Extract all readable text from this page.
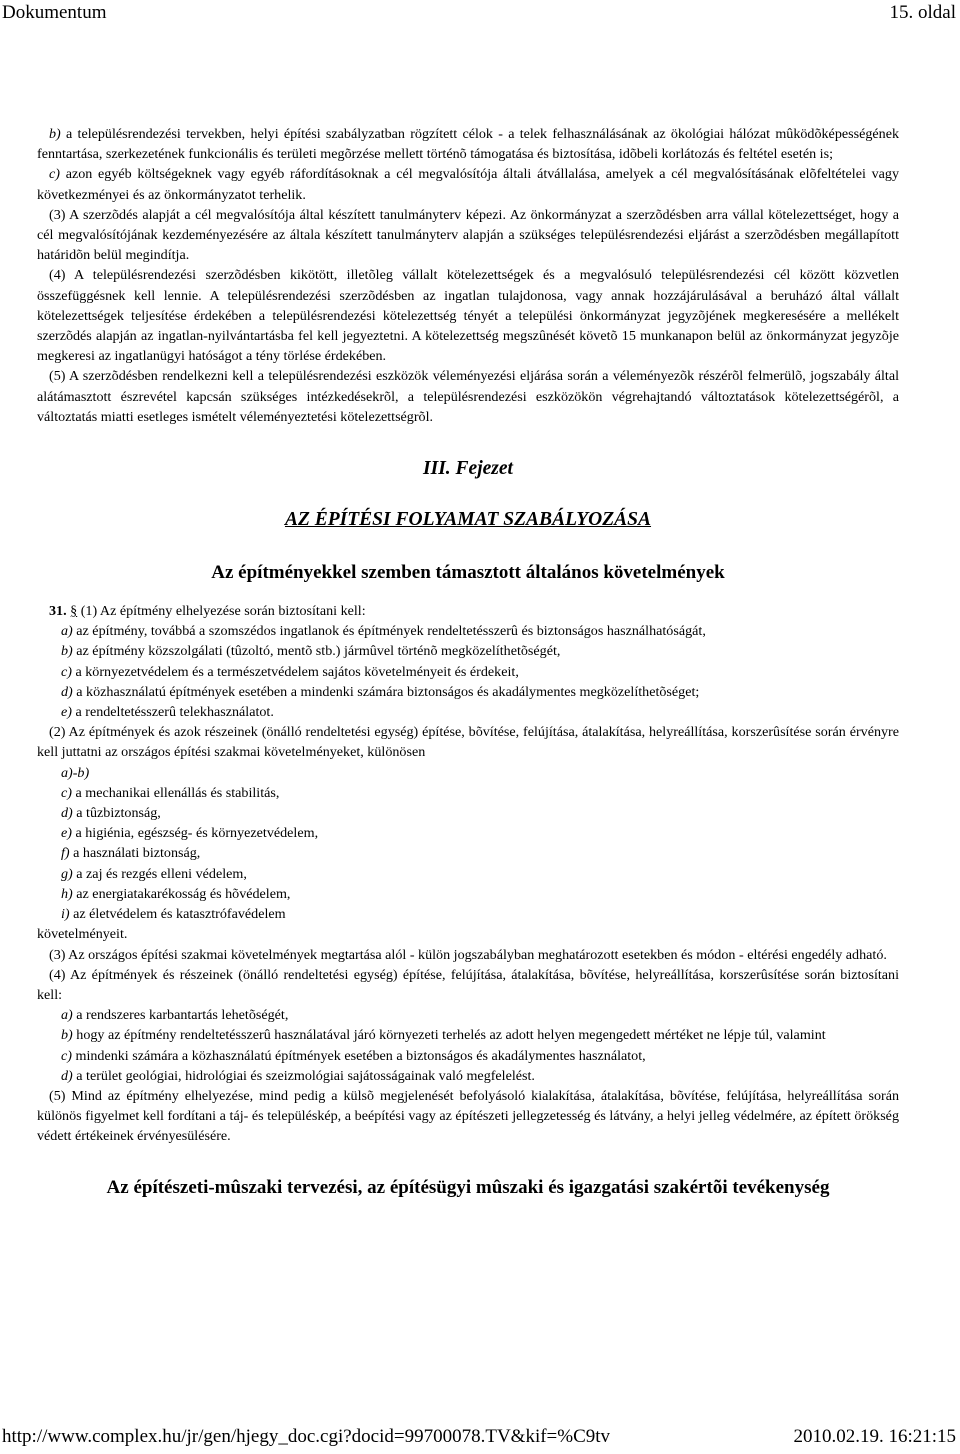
Dokumentum	15. oldal

b) a településrendezési tervekben, helyi építési szabályzatban rögzített célok - a telek felhasználásának az ökológiai hálózat mûködõképességének fenntartása, szerkezetének funkcionális és területi megõrzése mellett történõ támogatása és biztosítása, idõbeli korlátozás és feltétel esetén is;

c) azon egyéb költségeknek vagy egyéb ráfordításoknak a cél megvalósítója általi átvállalása, amelyek a cél megvalósításának elõfeltételei vagy következményei és az önkormányzatot terhelik.

(3) A szerzõdés alapját a cél megvalósítója által készített tanulmányterv képezi. Az önkormányzat a szerzõdésben arra vállal kötelezettséget, hogy a cél megvalósítójának kezdeményezésére az általa készített tanulmányterv alapján a szükséges településrendezési eljárást a szerzõdésben megállapított határidõn belül megindítja.

(4) A településrendezési szerzõdésben kikötött, illetõleg vállalt kötelezettségek és a megvalósuló településrendezési cél között közvetlen összefüggésnek kell lennie. A településrendezési szerzõdésben az ingatlan tulajdonosa, vagy annak hozzájárulásával a beruházó által vállalt kötelezettségek teljesítése érdekében a településrendezési kötelezettség tényét a települési önkormányzat jegyzõjének megkeresésére a mellékelt szerzõdés alapján az ingatlan-nyilvántartásba fel kell jegyeztetni. A kötelezettség megszûnését követõ 15 munkanapon belül az önkormányzat jegyzõje megkeresi az ingatlanügyi hatóságot a tény törlése érdekében.

(5) A szerzõdésben rendelkezni kell a településrendezési eszközök véleményezési eljárása során a véleményezõk részérõl felmerülõ, jogszabály által alátámasztott észrevétel kapcsán szükséges intézkedésekrõl, a településrendezési eszközökön végrehajtandó változtatások kötelezettségérõl, a változtatás miatti esetleges ismételt véleményeztetési kötelezettségrõl.

III. Fejezet
AZ ÉPÍTÉSI FOLYAMAT SZABÁLYOZÁSA
Az építményekkel szemben támasztott általános követelmények

31. § (1) Az építmény elhelyezése során biztosítani kell:

a) az építmény, továbbá a szomszédos ingatlanok és építmények rendeltetésszerû és biztonságos használhatóságát,

b) az építmény közszolgálati (tûzoltó, mentõ stb.) jármûvel történõ megközelíthetõségét,

c) a környezetvédelem és a természetvédelem sajátos követelményeit és érdekeit,

d) a közhasználatú építmények esetében a mindenki számára biztonságos és akadálymentes megközelíthetõséget;

e) a rendeltetésszerû telekhasználatot.

(2) Az építmények és azok részeinek (önálló rendeltetési egység) építése, bõvítése, felújítása, átalakítása, helyreállítása, korszerûsítése során érvényre kell juttatni az országos építési szakmai követelményeket, különösen

a)-b)

c) a mechanikai ellenállás és stabilitás,

d) a tûzbiztonság,

e) a higiénia, egészség- és környezetvédelem,

f) a használati biztonság,

g) a zaj és rezgés elleni védelem,

h) az energiatakarékosság és hõvédelem,

i) az életvédelem és katasztrófavédelem

követelményeit.

(3) Az országos építési szakmai követelmények megtartása alól - külön jogszabályban meghatározott esetekben és módon - eltérési engedély adható.

(4) Az építmények és részeinek (önálló rendeltetési egység) építése, felújítása, átalakítása, bõvítése, helyreállítása, korszerûsítése során biztosítani kell:

a) a rendszeres karbantartás lehetõségét,

b) hogy az építmény rendeltetésszerû használatával járó környezeti terhelés az adott helyen megengedett mértéket ne lépje túl, valamint

c) mindenki számára a közhasználatú építmények esetében a biztonságos és akadálymentes használatot,

d) a terület geológiai, hidrológiai és szeizmológiai sajátosságainak való megfelelést.

(5) Mind az építmény elhelyezése, mind pedig a külsõ megjelenését befolyásoló kialakítása, átalakítása, bõvítése, felújítása, helyreállítása során különös figyelmet kell fordítani a táj- és településkép, a beépítési vagy az építészeti jellegzetesség és látvány, a helyi jelleg védelmére, az épített örökség védett értékeinek érvényesülésére.

Az építészeti-mûszaki tervezési, az építésügyi mûszaki és igazgatási szakértõi tevékenység
http://www.complex.hu/jr/gen/hjegy_doc.cgi?docid=99700078.TV&kif=%C9tv	2010.02.19. 16:21:15
